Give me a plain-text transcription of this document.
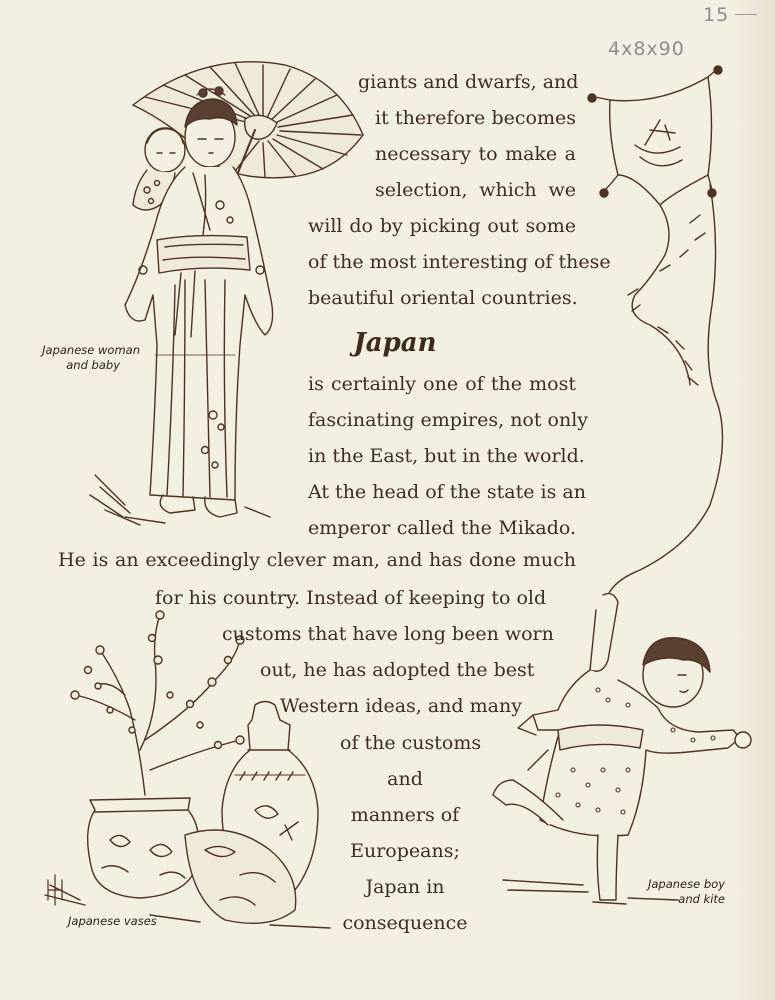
15
4x8x90
giants and dwarfs, and
it therefore becomes
necessary to make a
selection, which we
will do by picking out some
of the most interesting of these
beautiful oriental countries.
Japan
is certainly one of the most
fascinating empires, not only
in the East, but in the world.
At the head of the state is an
emperor called the Mikado.
He is an exceedingly clever man, and has done much
for his country. Instead of keeping to old
customs that have long been worn
out, he has adopted the best
Western ideas, and many
of the customs
and
manners of
Europeans;
Japan in
consequence
Japanese woman
and baby
Japanese vases
Japanese boy
and kite
